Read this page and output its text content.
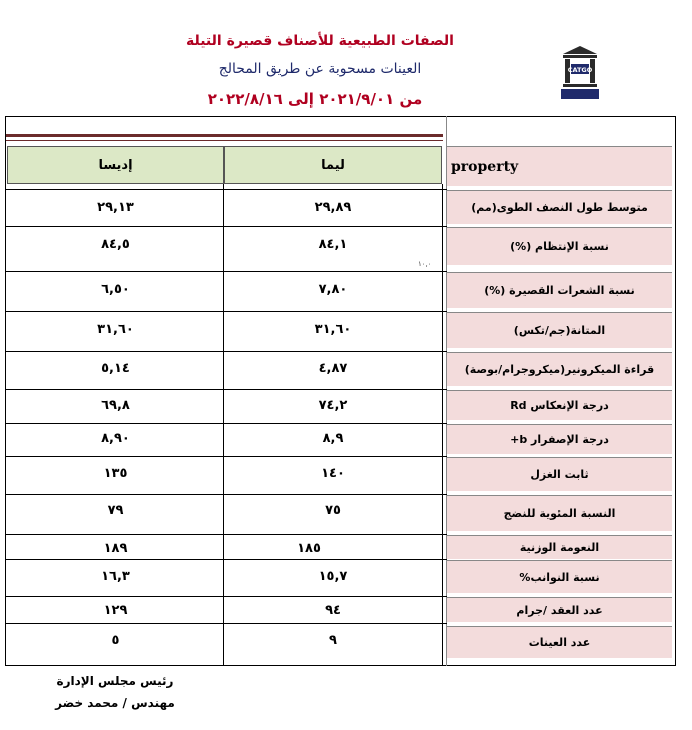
الصفات الطبيعية للأصناف قصيرة التيلة
العينات مسحوبة عن طريق المحالج
من ٢٠٢١/٩/٠١ إلى ٢٠٢٢/٨/١٦
CATGO
إديسا	ليما	property
متوسط طول النصف الطوى(مم)
نسبة الإنتظام (%)
نسبة الشعرات القصيرة (%)
المتانة(جم/تكس)
قراءة الميكرونير(ميكروجرام/بوصة)
درجة الإنعكاس Rd
درجة الإصفرار b+
ثابت الغزل
النسبة المئوية للنضج
النعومة الوزنية
نسبة النوانب%
عدد العقد /جرام
عدد العينات
٢٩,١٣
٨٤,٥
٦,٥٠
٣١,٦٠
٥,١٤
٦٩,٨
٨,٩٠
١٣٥
٧٩
١٨٩
١٦,٣
١٢٩
٥
٢٩,٨٩
٨٤,١
٧,٨٠
٣١,٦٠
٤,٨٧
٧٤,٢
٨,٩
١٤٠
٧٥
١٨٥
١٥,٧
٩٤
٩
١٠,٠
رئيس مجلس الإدارة
مهندس / محمد خضر
